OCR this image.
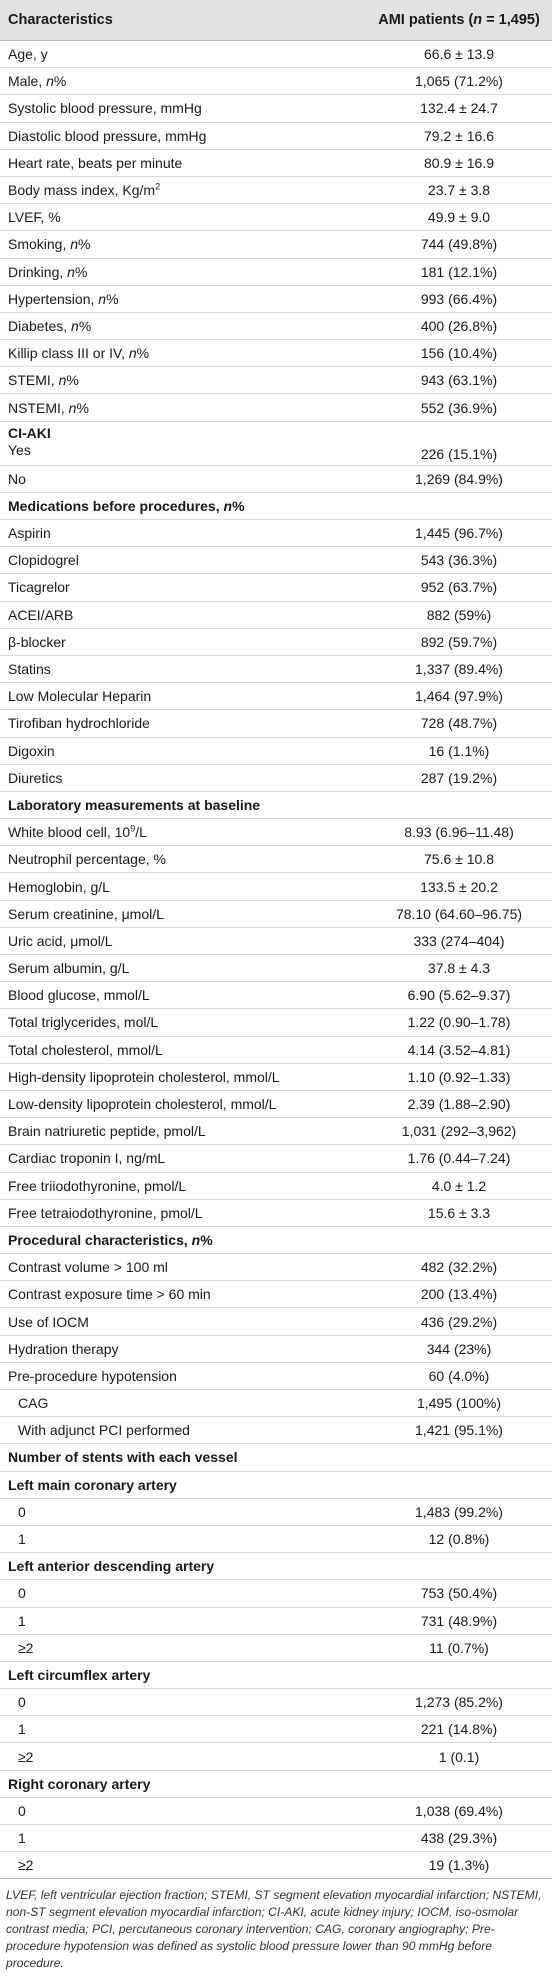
Characteristics	AMI patients (n = 1,495)
Age, y	66.6 ± 13.9
Male, n%	1,065 (71.2%)
Systolic blood pressure, mmHg	132.4 ± 24.7
Diastolic blood pressure, mmHg	79.2 ± 16.6
Heart rate, beats per minute	80.9 ± 16.9
Body mass index, $Kg/m^2$	23.7 ± 3.8
LVEF, %	49.9 ± 9.0
Smoking, n%	744 (49.8%)
Drinking, n%	181 (12.1%)
Hypertension, n%	993 (66.4%)
Diabetes, n%	400 (26.8%)
Killip class III or IV, n%	156 (10.4%)
STEMI, n%	943 (63.1%)
NSTEMI, n%	552 (36.9%)
CI-AKI
Yes	226 (15.1%)
No	1,269 (84.9%)
Medications before procedures, n%	
Aspirin	1,445 (96.7%)
Clopidogrel	543 (36.3%)
Ticagrelor	952 (63.7%)
ACEI/ARB	882 (59%)
β-blocker	892 (59.7%)
Statins	1,337 (89.4%)
Low Molecular Heparin	1,464 (97.9%)
Tirofiban hydrochloride	728 (48.7%)
Digoxin	16 (1.1%)
Diuretics	287 (19.2%)
Laboratory measurements at baseline	
White blood cell, $10^9/L$	8.93 (6.96–11.48)
Neutrophil percentage, %	75.6 ± 10.8
Hemoglobin, g/L	133.5 ± 20.2
Serum creatinine, μmol/L	78.10 (64.60–96.75)
Uric acid, μmol/L	333 (274–404)
Serum albumin, g/L	37.8 ± 4.3
Blood glucose, mmol/L	6.90 (5.62–9.37)
Total triglycerides, mol/L	1.22 (0.90–1.78)
Total cholesterol, mmol/L	4.14 (3.52–4.81)
High-density lipoprotein cholesterol, mmol/L	1.10 (0.92–1.33)
Low-density lipoprotein cholesterol, mmol/L	2.39 (1.88–2.90)
Brain natriuretic peptide, pmol/L	1,031 (292–3,962)
Cardiac troponin I, ng/mL	1.76 (0.44–7.24)
Free triiodothyronine, pmol/L	4.0 ± 1.2
Free tetraiodothyronine, pmol/L	15.6 ± 3.3
Procedural characteristics, n%	
Contrast volume > 100 ml	482 (32.2%)
Contrast exposure time > 60 min	200 (13.4%)
Use of IOCM	436 (29.2%)
Hydration therapy	344 (23%)
Pre-procedure hypotension	60 (4.0%)
CAG	1,495 (100%)
With adjunct PCI performed	1,421 (95.1%)
Number of stents with each vessel	
Left main coronary artery	
0	1,483 (99.2%)
1	12 (0.8%)
Left anterior descending artery	
0	753 (50.4%)
1	731 (48.9%)
≥2	11 (0.7%)
Left circumflex artery	
0	1,273 (85.2%)
1	221 (14.8%)
≥2	1 (0.1)
Right coronary artery	
0	1,038 (69.4%)
1	438 (29.3%)
≥2	19 (1.3%)
LVEF, left ventricular ejection fraction; STEMI, ST segment elevation myocardial infarction; NSTEMI, non-ST segment elevation myocardial infarction; CI-AKI, acute kidney injury; IOCM, iso-osmolar contrast media; PCI, percutaneous coronary intervention; CAG, coronary angiography; Pre-procedure hypotension was defined as systolic blood pressure lower than 90 mmHg before procedure.
